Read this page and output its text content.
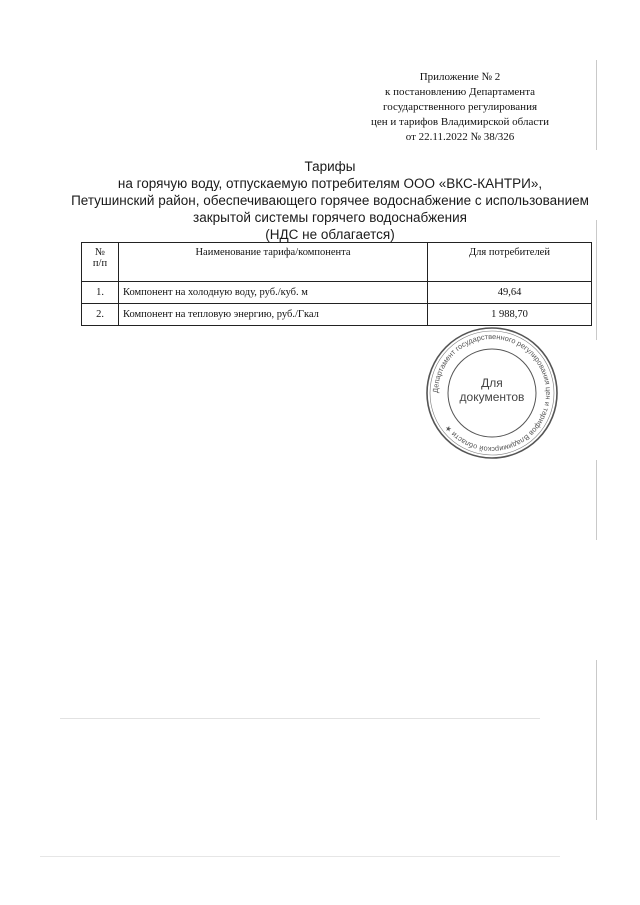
Приложение № 2
к постановлению Департамента
государственного регулирования
цен и тарифов Владимирской области
от 22.11.2022 № 38/326
Тарифы
на горячую воду, отпускаемую потребителям ООО «ВКС-КАНТРИ»,
Петушинский район, обеспечивающего горячее водоснабжение с использованием
закрытой системы горячего водоснабжения
(НДС не облагается)
№
п/п	Наименование тарифа/компонента	Для потребителей
1.	Компонент на холодную воду, руб./куб. м	49,64
2.	Компонент на тепловую энергию, руб./Гкал	1 988,70
Департамент государственного регулирования цен и тарифов Владимирской области ★
Для
документов
